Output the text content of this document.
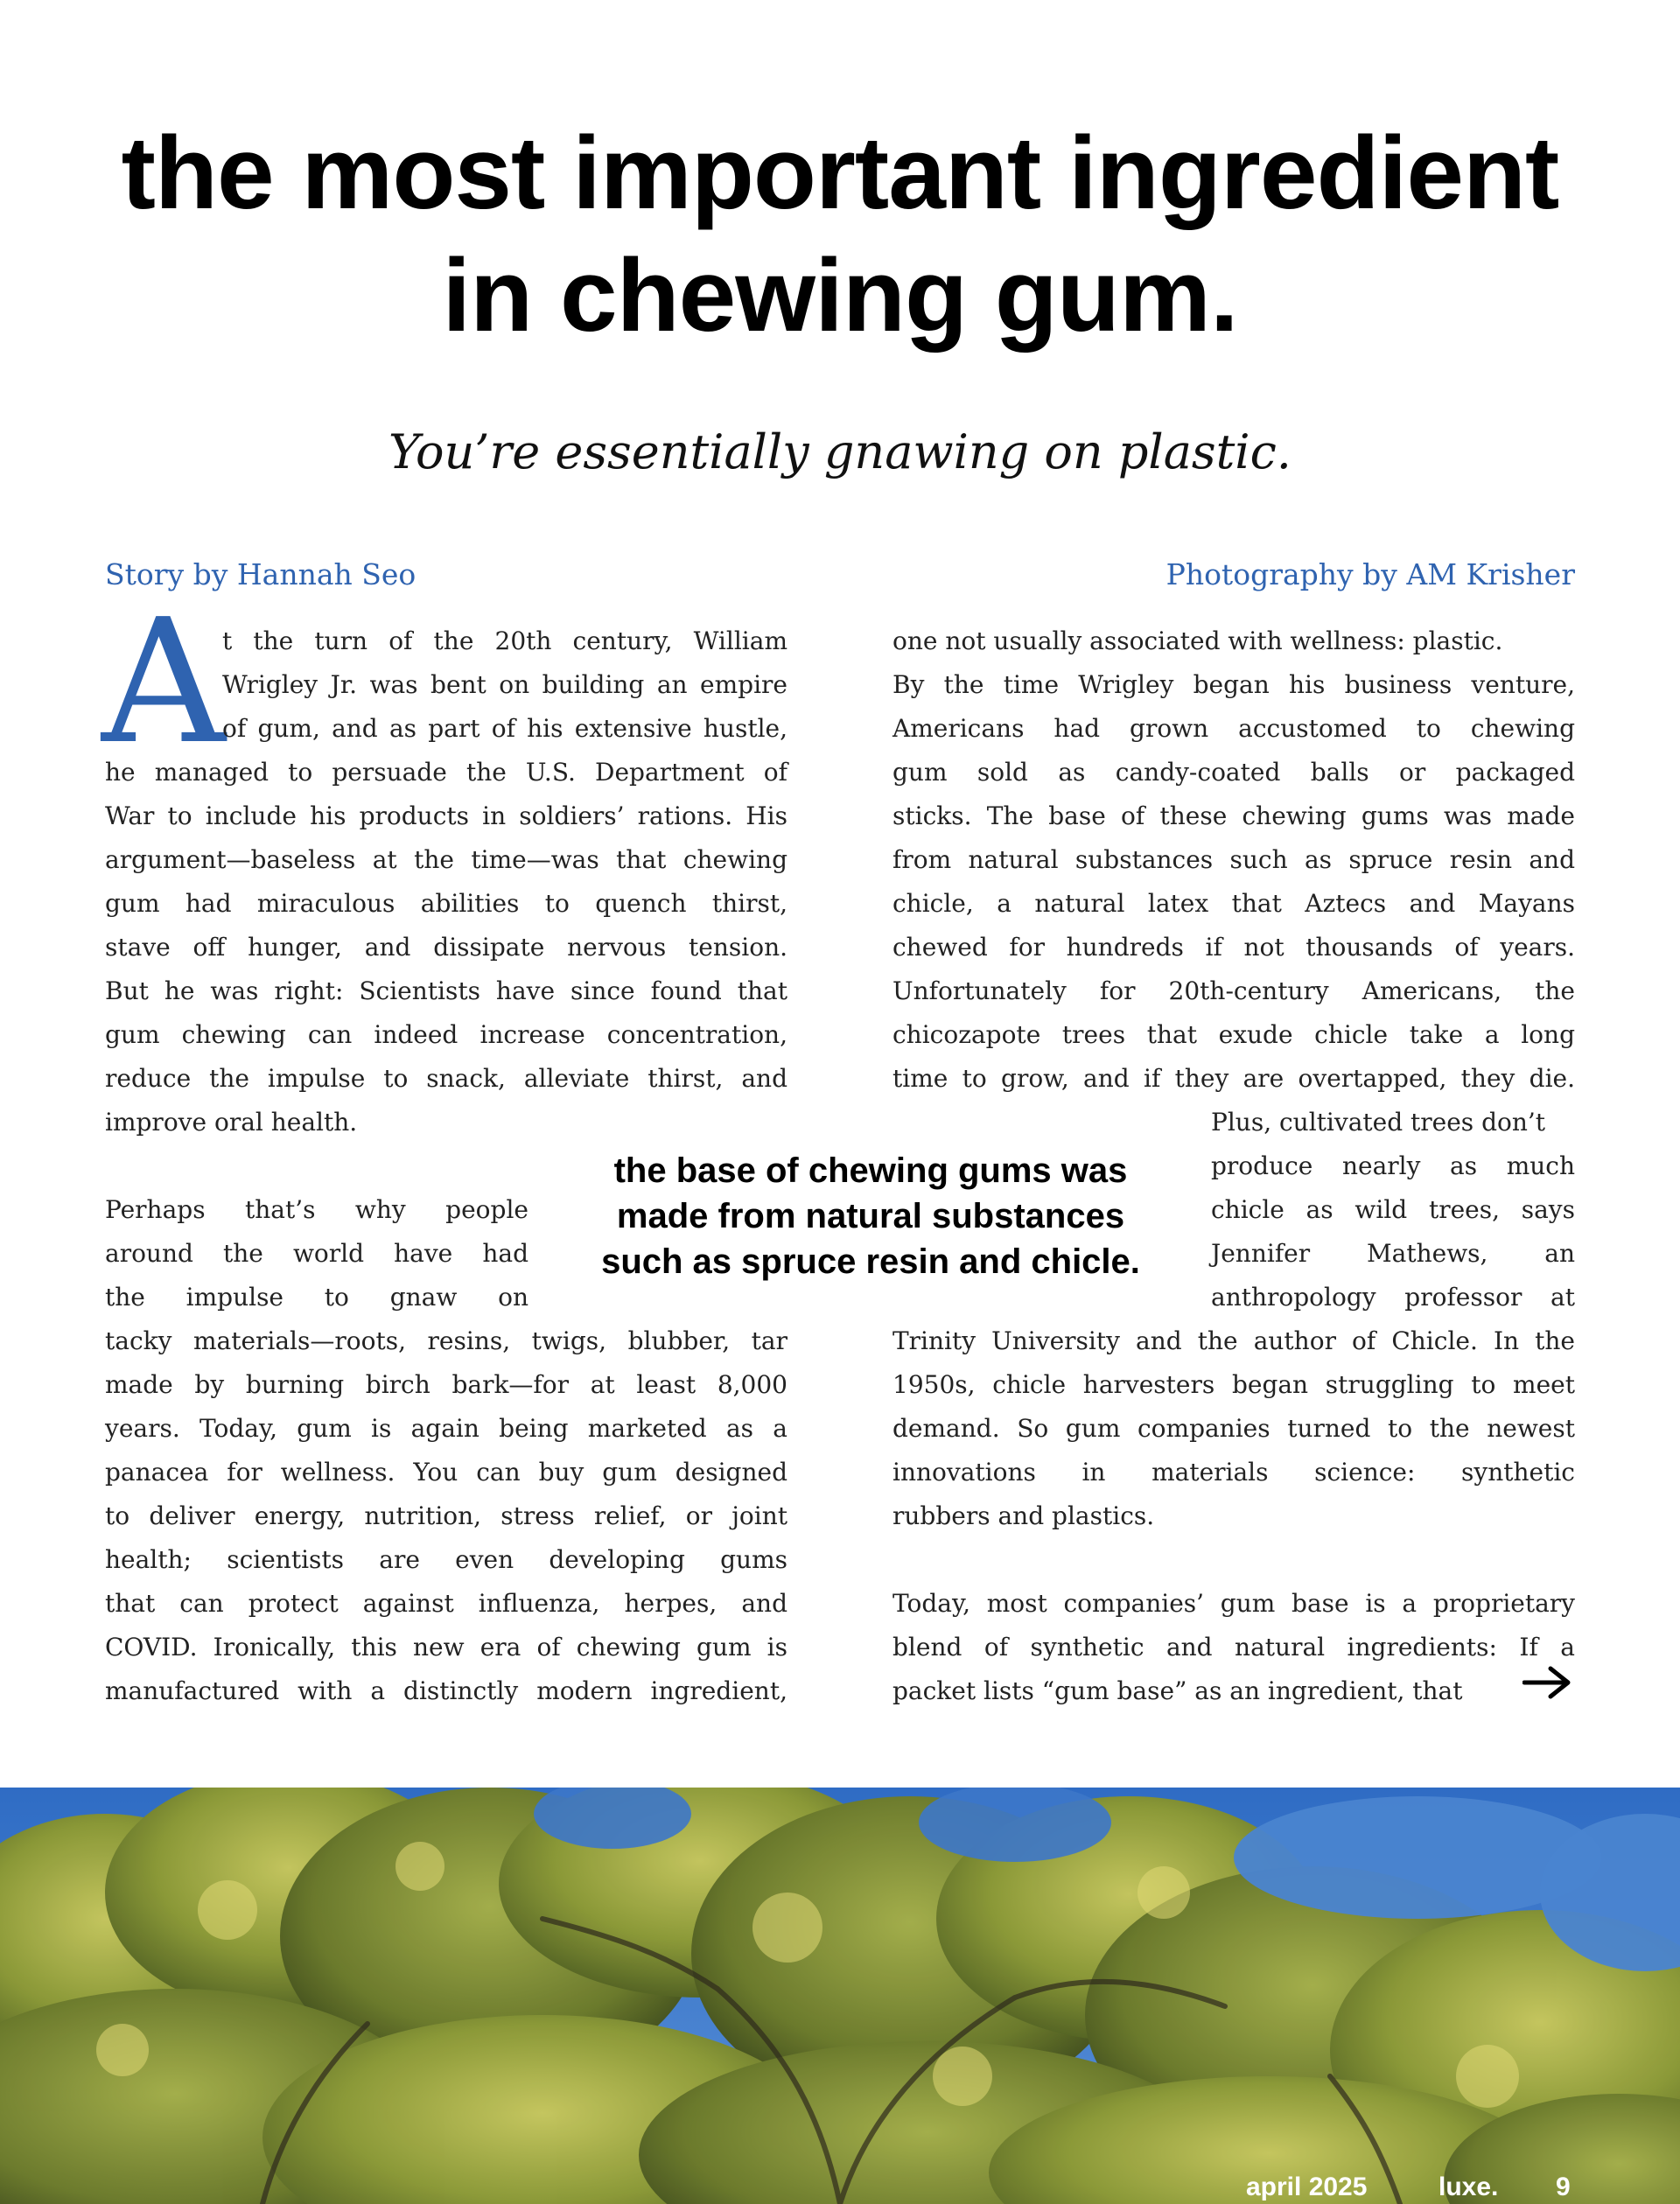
the most important ingredient
in chewing gum.

You’re essentially gnawing on plastic.

Story by Hannah Seo	Photography by AM Krisher
A
t the turn of the 20th century, William
Wrigley Jr. was bent on building an empire
of gum, and as part of his extensive hustle,
he managed to persuade the U.S. Department of
War to include his products in soldiers’ rations. His
argument—baseless at the time—was that chewing
gum had miraculous abilities to quench thirst,
stave off hunger, and dissipate nervous tension.
But he was right: Scientists have since found that
gum chewing can indeed increase concentration,
reduce the impulse to snack, alleviate thirst, and
improve oral health.
Perhaps that’s why people
around the world have had
the impulse to gnaw on
tacky materials—roots, resins, twigs, blubber, tar
made by burning birch bark—for at least 8,000
years. Today, gum is again being marketed as a
panacea for wellness. You can buy gum designed
to deliver energy, nutrition, stress relief, or joint
health; scientists are even developing gums
that can protect against influenza, herpes, and
COVID. Ironically, this new era of chewing gum is
manufactured with a distinctly modern ingredient,
one not usually associated with wellness: plastic.
By the time Wrigley began his business venture,
Americans had grown accustomed to chewing
gum sold as candy-coated balls or packaged
sticks. The base of these chewing gums was made
from natural substances such as spruce resin and
chicle, a natural latex that Aztecs and Mayans
chewed for hundreds if not thousands of years.
Unfortunately for 20th-century Americans, the
chicozapote trees that exude chicle take a long
time to grow, and if they are overtapped, they die.
Plus, cultivated trees don’t
produce nearly as much
chicle as wild trees, says
Jennifer Mathews, an
anthropology professor at
Trinity University and the author of Chicle. In the
1950s, chicle harvesters began struggling to meet
demand. So gum companies turned to the newest
innovations in materials science: synthetic
rubbers and plastics.
Today, most companies’ gum base is a proprietary
blend of synthetic and natural ingredients: If a
packet lists “gum base” as an ingredient, that
the base of chewing gums was
made from natural substances
such as spruce resin and chicle.
april 2025	luxe. 9
